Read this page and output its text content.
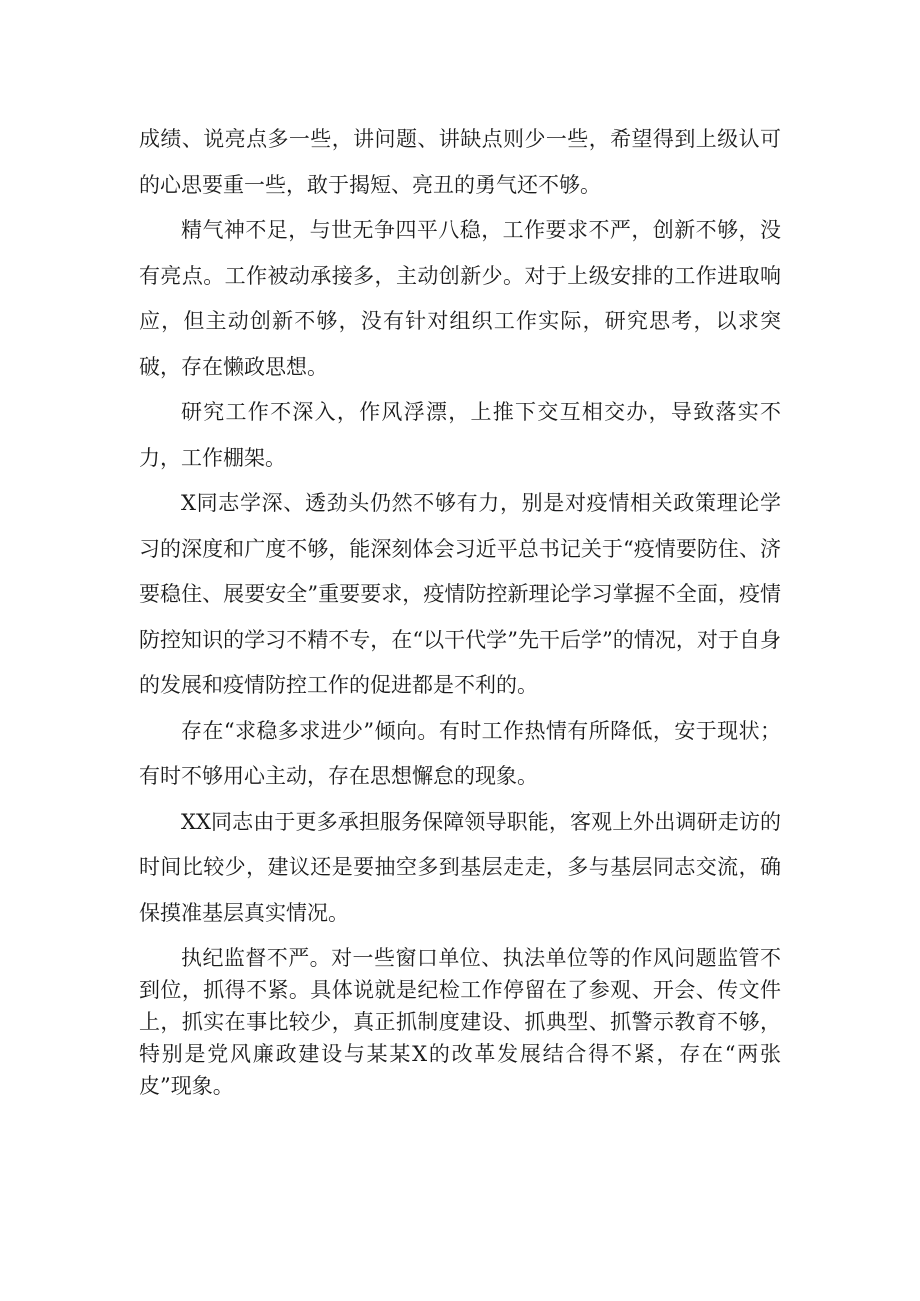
成绩、说亮点多一些，讲问题、讲缺点则少一些，希望得到上级认可的心思要重一些，敢于揭短、亮丑的勇气还不够。

精气神不足，与世无争四平八稳，工作要求不严，创新不够，没有亮点。工作被动承接多，主动创新少。对于上级安排的工作进取响应，但主动创新不够，没有针对组织工作实际，研究思考，以求突破，存在懒政思想。

研究工作不深入，作风浮漂，上推下交互相交办，导致落实不力，工作棚架。

X同志学深、透劲头仍然不够有力，别是对疫情相关政策理论学习的深度和广度不够，能深刻体会习近平总书记关于“疫情要防住、济要稳住、展要安全”重要要求，疫情防控新理论学习掌握不全面，疫情防控知识的学习不精不专，在“以干代学”先干后学”的情况，对于自身的发展和疫情防控工作的促进都是不利的。

存在“求稳多求进少”倾向。有时工作热情有所降低，安于现状；有时不够用心主动，存在思想懈怠的现象。

XX同志由于更多承担服务保障领导职能，客观上外出调研走访的时间比较少，建议还是要抽空多到基层走走，多与基层同志交流，确保摸准基层真实情况。

执纪监督不严。对一些窗口单位、执法单位等的作风问题监管不到位，抓得不紧。具体说就是纪检工作停留在了参观、开会、传文件上，抓实在事比较少，真正抓制度建设、抓典型、抓警示教育不够，特别是党风廉政建设与某某X的改革发展结合得不紧，存在“两张皮”现象。
